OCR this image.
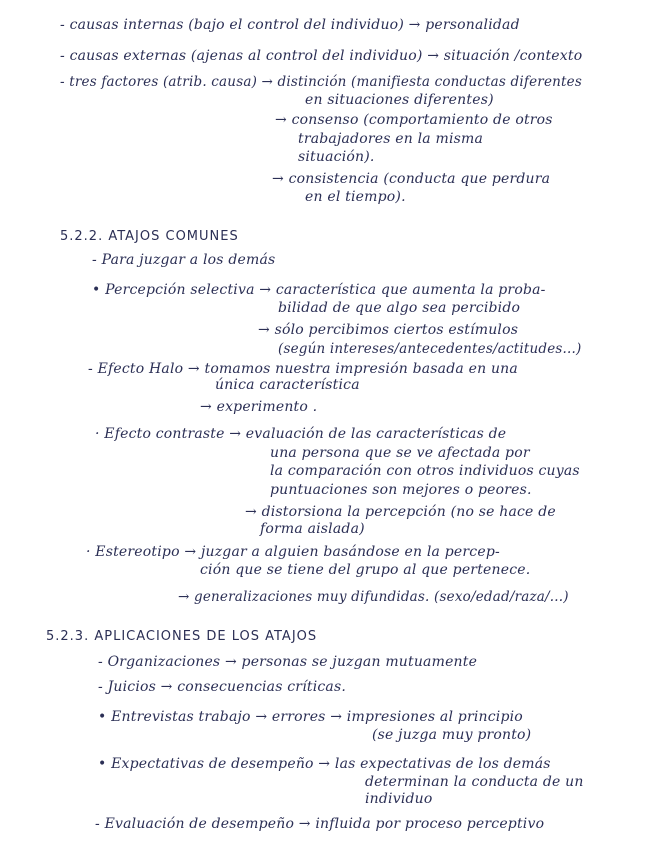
- causas internas (bajo el control del individuo) → personalidad
- causas externas (ajenas al control del individuo) → situación /contexto
- tres factores (atrib. causa) → distinción (manifiesta conductas diferentes
en situaciones diferentes)
→ consenso (comportamiento de otros
trabajadores en la misma
situación).
→ consistencia (conducta que perdura
en el tiempo).
5.2.2. ATAJOS COMUNES
- Para juzgar a los demás
• Percepción selectiva → característica que aumenta la proba-
bilidad de que algo sea percibido
→ sólo percibimos ciertos estímulos
(según intereses/antecedentes/actitudes...)
- Efecto Halo → tomamos nuestra impresión basada en una
única característica
→ experimento .
· Efecto contraste → evaluación de las características de
una persona que se ve afectada por
la comparación con otros individuos cuyas
puntuaciones son mejores o peores.
→ distorsiona la percepción (no se hace de
forma aislada)
· Estereotipo → juzgar a alguien basándose en la percep-
ción que se tiene del grupo al que pertenece.
→ generalizaciones muy difundidas. (sexo/edad/raza/...)
5.2.3. APLICACIONES DE LOS ATAJOS
- Organizaciones → personas se juzgan mutuamente
- Juicios → consecuencias críticas.
• Entrevistas trabajo → errores → impresiones al principio
(se juzga muy pronto)
• Expectativas de desempeño → las expectativas de los demás
determinan la conducta de un
individuo
- Evaluación de desempeño → influida por proceso perceptivo
